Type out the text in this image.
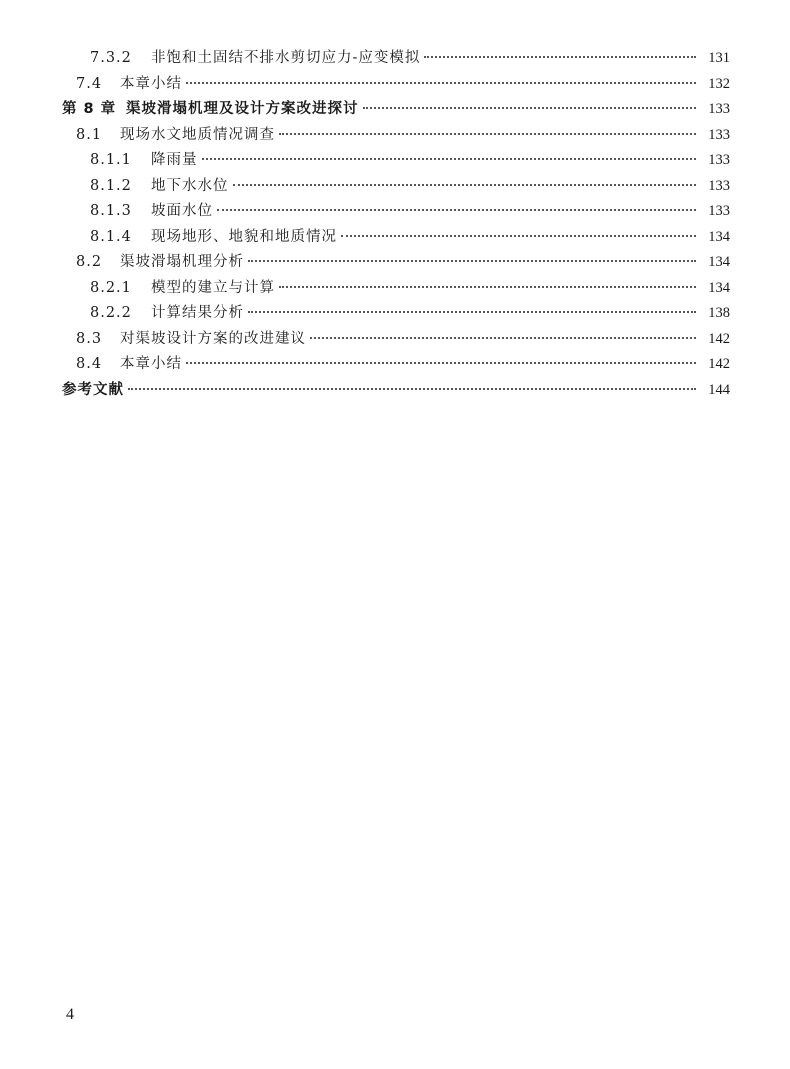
7.3.2	非饱和土固结不排水剪切应力-应变模拟	131
7.4	本章小结	132
第 8 章 渠坡滑塌机理及设计方案改进探讨	133
8.1	现场水文地质情况调查	133
8.1.1	降雨量	133
8.1.2	地下水水位	133
8.1.3	坡面水位	133
8.1.4	现场地形、地貌和地质情况	134
8.2	渠坡滑塌机理分析	134
8.2.1	模型的建立与计算	134
8.2.2	计算结果分析	138
8.3	对渠坡设计方案的改进建议	142
8.4	本章小结	142
参考文献	144
4
